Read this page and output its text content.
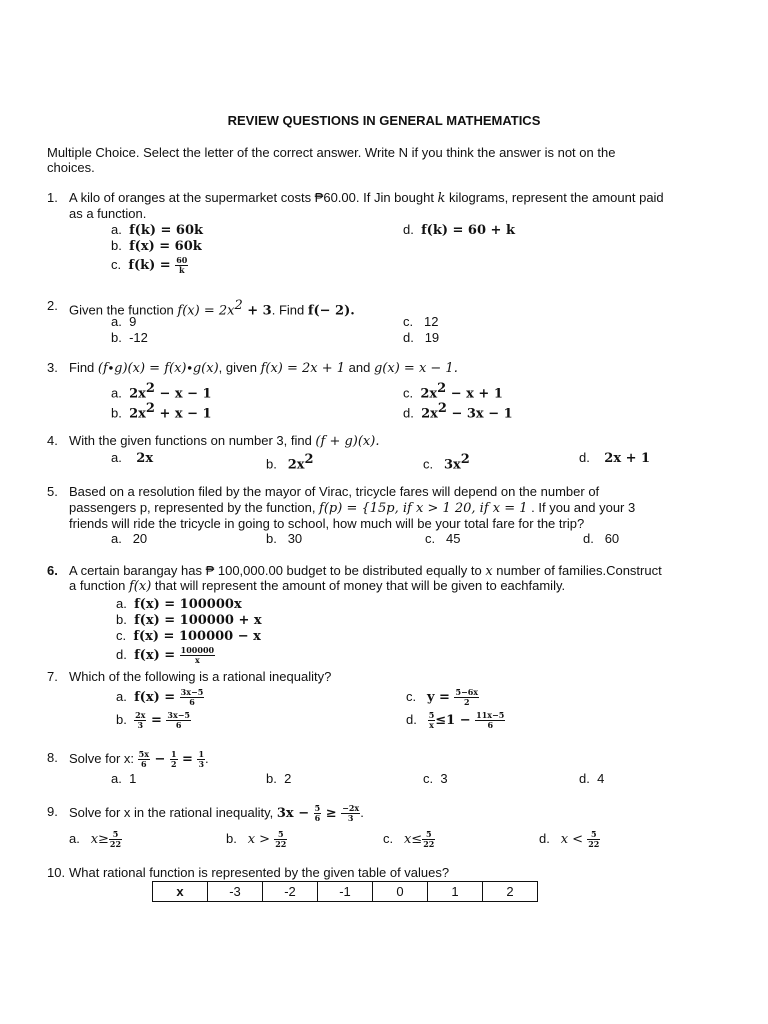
REVIEW QUESTIONS IN GENERAL MATHEMATICS
Multiple Choice. Select the letter of the correct answer. Write N if you think the answer is not on the
choices.
1. A kilo of oranges at the supermarket costs ₱60.00. If Jin bought k kilograms, represent the amount paid
as a function.
a. f(k) = 60k
b. f(x) = 60k
c. $f(k) = \frac{60}{k}$
d. f(k) = 60 + k
2. Given the function $f(x) = 2x^2 + 3$. Find f(− 2).
a. 9
b. -12
c. 12
d. 19
3. Find (f∙g)(x) = f(x)∙g(x), given f(x) = 2x + 1 and g(x) = x − 1.
a. $2x^2 - x - 1$
b. $2x^2 + x - 1$
c. $2x^2 - x + 1$
d. $2x^2 - 3x - 1$
4. With the given functions on number 3, find (f + g)(x).
a. 2x	b. $2x^2$	c. $3x^2$	d. 2x + 1
5. Based on a resolution filed by the mayor of Virac, tricycle fares will depend on the number of
passengers p, represented by the function, f(p) = {15p, if x > 1 20, if x = 1 . If you and your 3
friends will ride the tricycle in going to school, how much will be your total fare for the trip?
a. 20	b. 30	c. 45	d. 60
6. A certain barangay has ₱ 100,000.00 budget to be distributed equally to x number of families.Construct
a function f(x) that will represent the amount of money that will be given to eachfamily.
a. f(x) = 100000x
b. f(x) = 100000 + x
c. f(x) = 100000 − x
d. $f(x) = \frac{100000}{x}$
7. Which of the following is a rational inequality?
a. $f(x) = \frac{3x-5}{6}$
b. $\frac{2x}{3} = \frac{3x-5}{6}$
c. $y = \frac{5-6x}{2}$
d. $\frac{5}{x} \le 1 - \frac{11x-5}{6}$
8. Solve for x: $\frac{5x}{6} - \frac{1}{2} = \frac{1}{3}$ .
a. 1	b. 2	c. 3	d. 4
9. Solve for x in the rational inequality, $3x - \frac{5}{6} \ge \frac{-2x}{3}$ .
a. $x\ge \frac{5}{22}$	b. $x > \frac{5}{22}$	c. $x\le \frac{5}{22}$	d. $x < \frac{5}{22}$
10. What rational function is represented by the given table of values?
x	-3	-2	-1	0	1	2
